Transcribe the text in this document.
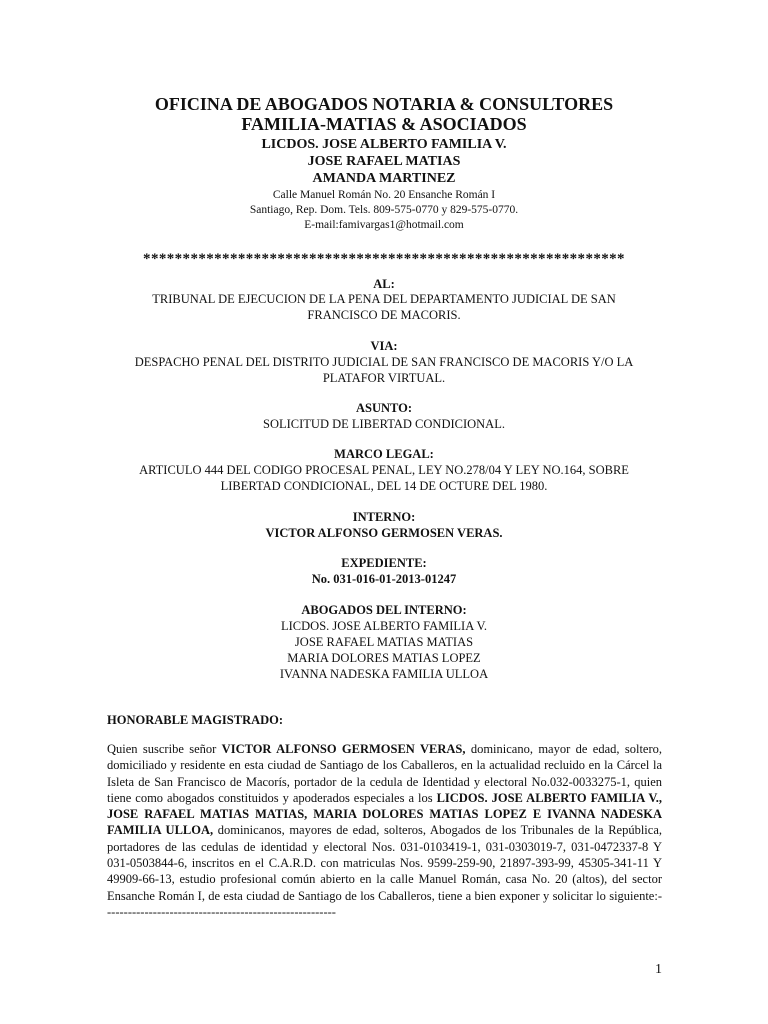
OFICINA DE ABOGADOS NOTARIA & CONSULTORES
FAMILIA-MATIAS & ASOCIADOS
LICDOS. JOSE ALBERTO FAMILIA V.
JOSE RAFAEL MATIAS
AMANDA MARTINEZ
Calle Manuel Román No. 20 Ensanche Román I
Santiago, Rep. Dom. Tels. 809-575-0770 y 829-575-0770.
E-mail:famivargas1@hotmail.com
*************************************************************
AL:
TRIBUNAL DE EJECUCION DE LA PENA DEL DEPARTAMENTO JUDICIAL DE SAN
FRANCISCO DE MACORIS.
VIA:
DESPACHO PENAL DEL DISTRITO JUDICIAL DE SAN FRANCISCO DE MACORIS Y/O LA
PLATAFOR VIRTUAL.
ASUNTO:
SOLICITUD DE LIBERTAD CONDICIONAL.
MARCO LEGAL:
ARTICULO 444 DEL CODIGO PROCESAL PENAL, LEY NO.278/04 Y LEY NO.164, SOBRE
LIBERTAD CONDICIONAL, DEL 14 DE OCTURE DEL 1980.
INTERNO:
VICTOR ALFONSO GERMOSEN VERAS.
EXPEDIENTE:
No. 031-016-01-2013-01247
ABOGADOS DEL INTERNO:
LICDOS. JOSE ALBERTO FAMILIA V.
JOSE RAFAEL MATIAS MATIAS
MARIA DOLORES MATIAS LOPEZ
IVANNA NADESKA FAMILIA ULLOA
HONORABLE MAGISTRADO:
Quien suscribe señor VICTOR ALFONSO GERMOSEN VERAS, dominicano, mayor de edad, soltero, domiciliado y residente en esta ciudad de Santiago de los Caballeros, en la actualidad recluido en la Cárcel la Isleta de San Francisco de Macorís, portador de la cedula de Identidad y electoral No.032-0033275-1, quien tiene como abogados constituidos y apoderados especiales a los LICDOS. JOSE ALBERTO FAMILIA V., JOSE RAFAEL MATIAS MATIAS, MARIA DOLORES MATIAS LOPEZ E IVANNA NADESKA FAMILIA ULLOA, dominicanos, mayores de edad, solteros, Abogados de los Tribunales de la República, portadores de las cedulas de identidad y electoral Nos. 031-0103419-1, 031-0303019-7, 031-0472337-8 Y 031-0503844-6, inscritos en el C.A.R.D. con matriculas Nos. 9599-259-90, 21897-393-99, 45305-341-11 Y 49909-66-13, estudio profesional común abierto en la calle Manuel Román, casa No. 20 (altos), del sector Ensanche Román I, de esta ciudad de Santiago de los Caballeros, tiene a bien exponer y solicitar lo siguiente:--------------------------------------------------------
1
